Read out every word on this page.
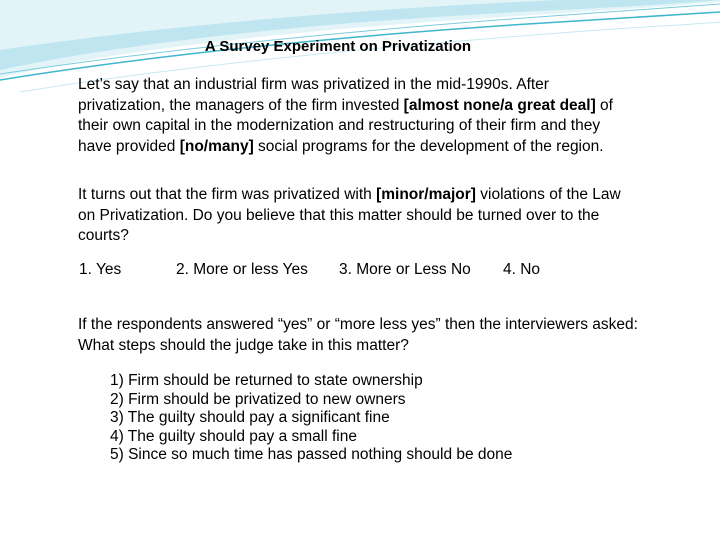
A Survey Experiment on Privatization
Let’s say that an industrial firm was privatized in the mid-1990s. After privatization, the managers of the firm invested [almost none/a great deal] of their own capital in the modernization and restructuring of their firm and they have provided [no/many] social programs for the development of the region.
It turns out that the firm was privatized with [minor/major] violations of the Law on Privatization. Do you believe that this matter should be turned over to the courts?
1. Yes	2. More or less Yes 3. More or Less No 4. No
If the respondents answered “yes” or “more less yes” then the interviewers asked: What steps should the judge take in this matter?
1) Firm should be returned to state ownership
2) Firm should be privatized to new owners
3) The guilty should pay a significant fine
4) The guilty should pay a small fine
5) Since so much time has passed nothing should be done
